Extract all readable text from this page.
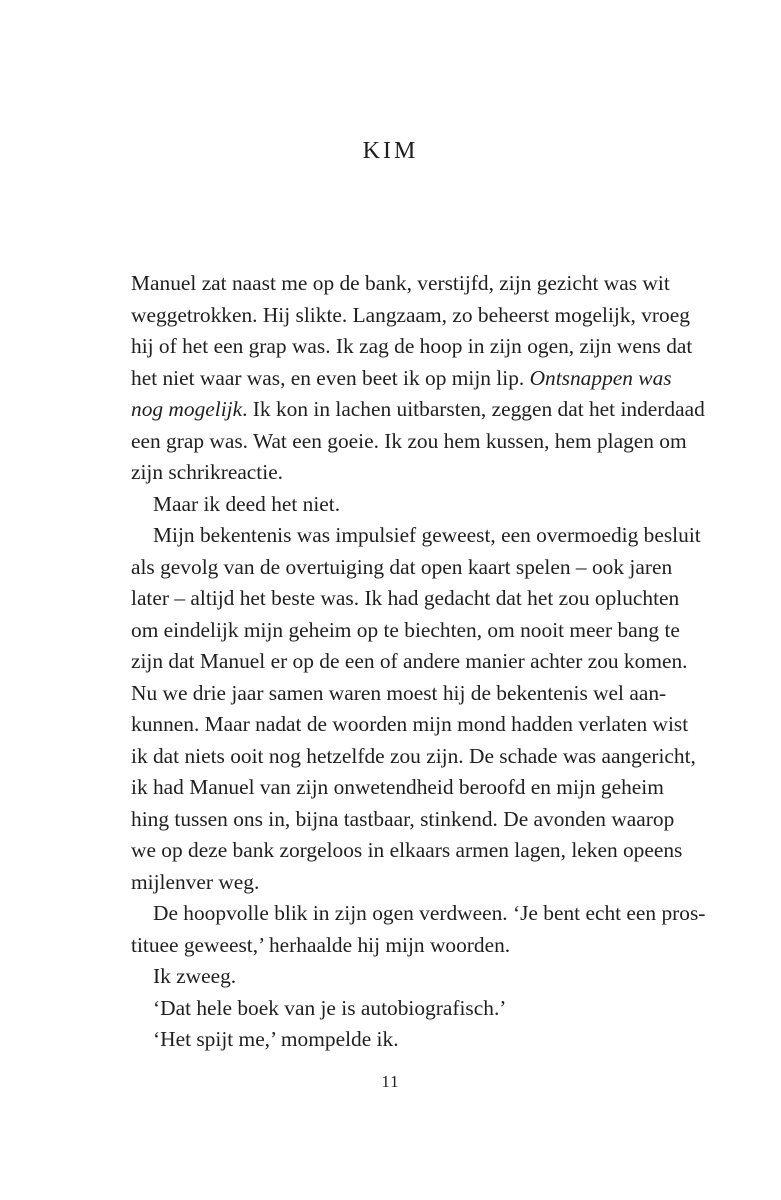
KIM

Manuel zat naast me op de bank, verstijfd, zijn gezicht was wit
weggetrokken. Hij slikte. Langzaam, zo beheerst mogelijk, vroeg
hij of het een grap was. Ik zag de hoop in zijn ogen, zijn wens dat
het niet waar was, en even beet ik op mijn lip. Ontsnappen was
nog mogelijk. Ik kon in lachen uitbarsten, zeggen dat het inderdaad
een grap was. Wat een goeie. Ik zou hem kussen, hem plagen om
zijn schrikreactie.

Maar ik deed het niet.

Mijn bekentenis was impulsief geweest, een overmoedig besluit
als gevolg van de overtuiging dat open kaart spelen – ook jaren
later – altijd het beste was. Ik had gedacht dat het zou opluchten
om eindelijk mijn geheim op te biechten, om nooit meer bang te
zijn dat Manuel er op de een of andere manier achter zou komen.
Nu we drie jaar samen waren moest hij de bekentenis wel aan-
kunnen. Maar nadat de woorden mijn mond hadden verlaten wist
ik dat niets ooit nog hetzelfde zou zijn. De schade was aangericht,
ik had Manuel van zijn onwetendheid beroofd en mijn geheim
hing tussen ons in, bijna tastbaar, stinkend. De avonden waarop
we op deze bank zorgeloos in elkaars armen lagen, leken opeens
mijlenver weg.

De hoopvolle blik in zijn ogen verdween. ‘Je bent echt een pros-
tituee geweest,’ herhaalde hij mijn woorden.

Ik zweeg.

‘Dat hele boek van je is autobiografisch.’

‘Het spijt me,’ mompelde ik.

11
